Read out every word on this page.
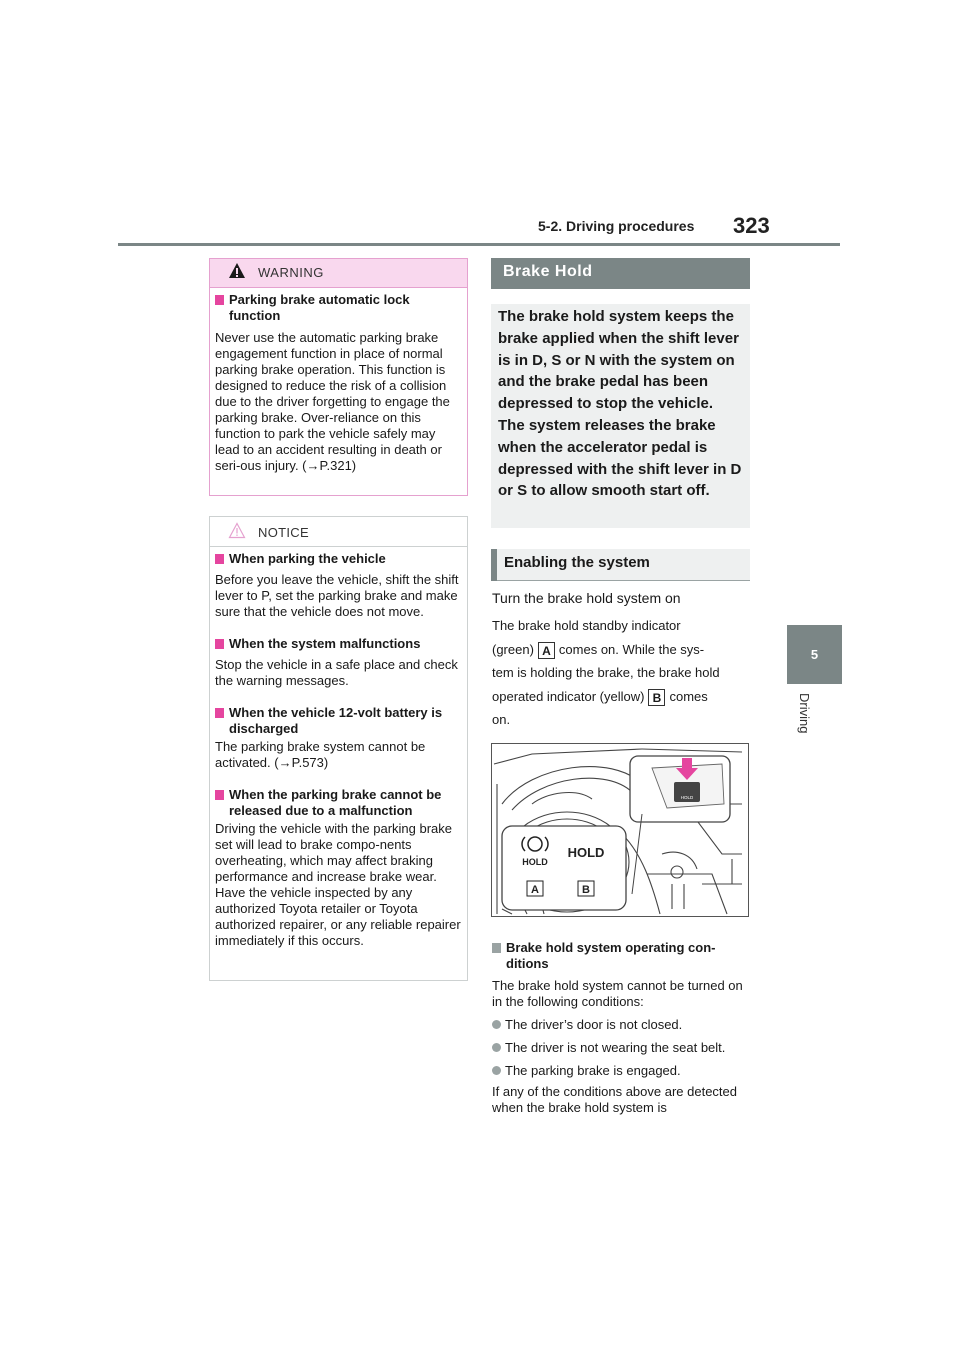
5-2. Driving procedures 323
5
Driving
WARNING
Parking brake automatic lock function
Never use the automatic parking brake engagement function in place of normal parking brake operation. This function is designed to reduce the risk of a collision due to the driver forgetting to engage the parking brake. Over-reliance on this function to park the vehicle safely may lead to an accident resulting in death or seri-ous injury. (→P.321)
NOTICE
When parking the vehicle
Before you leave the vehicle, shift the shift lever to P, set the parking brake and make sure that the vehicle does not move.
When the system malfunctions
Stop the vehicle in a safe place and check the warning messages.
When the vehicle 12-volt battery is discharged
The parking brake system cannot be activated. (→P.573)
When the parking brake cannot be released due to a malfunction
Driving the vehicle with the parking brake set will lead to brake compo-nents overheating, which may affect braking performance and increase brake wear. Have the vehicle inspected by any authorized Toyota retailer or Toyota authorized repairer, or any reliable repairer immediately if this occurs.
Brake Hold
The brake hold system keeps the brake applied when the shift lever is in D, S or N with the system on and the brake pedal has been depressed to stop the vehicle. The system releases the brake when the accelerator pedal is depressed with the shift lever in D or S to allow smooth start off.
Enabling the system
Turn the brake hold system on
The brake hold standby indicator
(green) A comes on. While the sys-
tem is holding the brake, the brake hold
operated indicator (yellow) B comes
on.
HOLD
HOLD
HOLD
A	B
Brake hold system operating con-ditions
The brake hold system cannot be turned on in the following conditions:
The driver’s door is not closed.
The driver is not wearing the seat belt.
The parking brake is engaged.
If any of the conditions above are detected when the brake hold system is
